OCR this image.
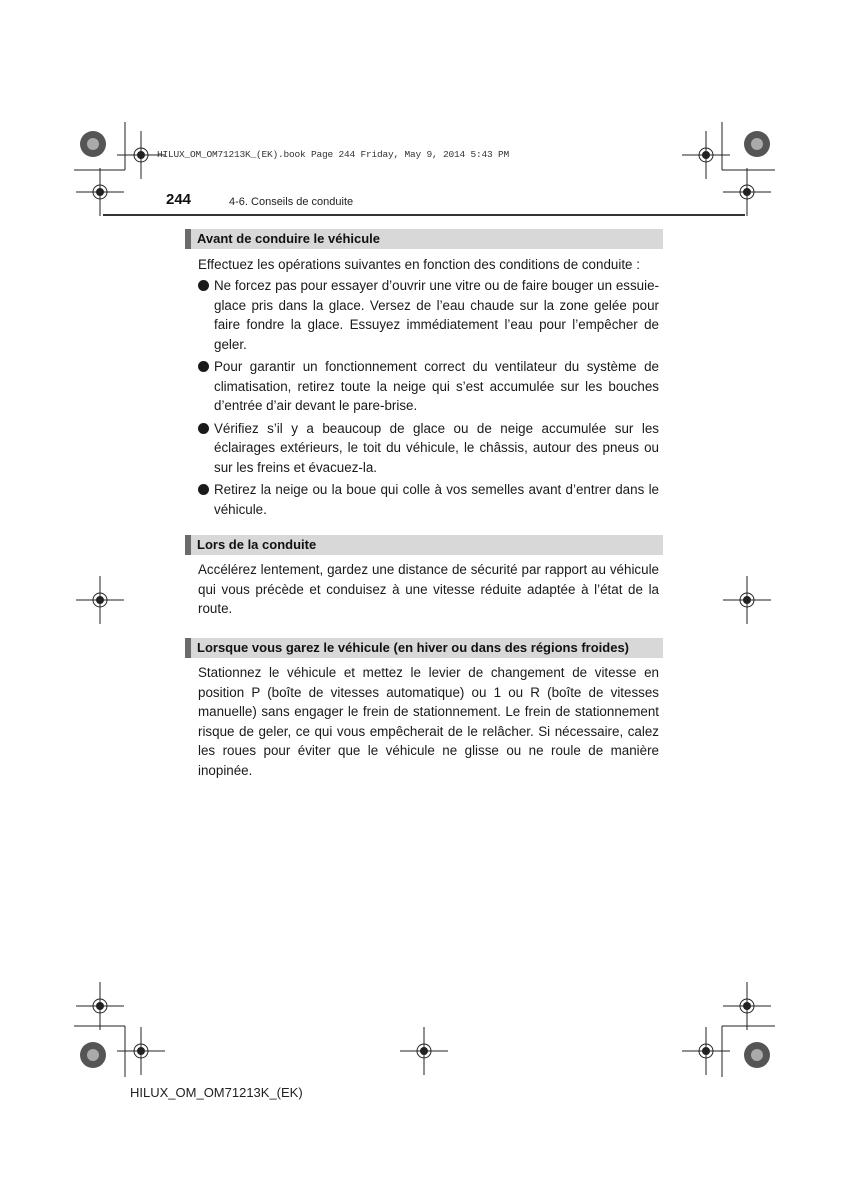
HILUX_OM_OM71213K_(EK).book Page 244 Friday, May 9, 2014 5:43 PM
244	4-6. Conseils de conduite
Avant de conduire le véhicule

Effectuez les opérations suivantes en fonction des conditions de conduite :

Ne forcez pas pour essayer d’ouvrir une vitre ou de faire bouger un essuie-glace pris dans la glace. Versez de l’eau chaude sur la zone gelée pour faire fondre la glace. Essuyez immédiatement l’eau pour l’empêcher de geler.
Pour garantir un fonctionnement correct du ventilateur du système de climatisation, retirez toute la neige qui s’est accumulée sur les bouches d’entrée d’air devant le pare-brise.
Vérifiez s’il y a beaucoup de glace ou de neige accumulée sur les éclairages extérieurs, le toit du véhicule, le châssis, autour des pneus ou sur les freins et évacuez-la.
Retirez la neige ou la boue qui colle à vos semelles avant d’entrer dans le véhicule.
Lors de la conduite

Accélérez lentement, gardez une distance de sécurité par rapport au véhicule qui vous précède et conduisez à une vitesse réduite adaptée à l’état de la route.

Lorsque vous garez le véhicule (en hiver ou dans des régions froides)

Stationnez le véhicule et mettez le levier de changement de vitesse en position P (boîte de vitesses automatique) ou 1 ou R (boîte de vitesses manuelle) sans engager le frein de stationnement. Le frein de stationnement risque de geler, ce qui vous empêcherait de le relâcher. Si nécessaire, calez les roues pour éviter que le véhicule ne glisse ou ne roule de manière inopinée.

HILUX_OM_OM71213K_(EK)
